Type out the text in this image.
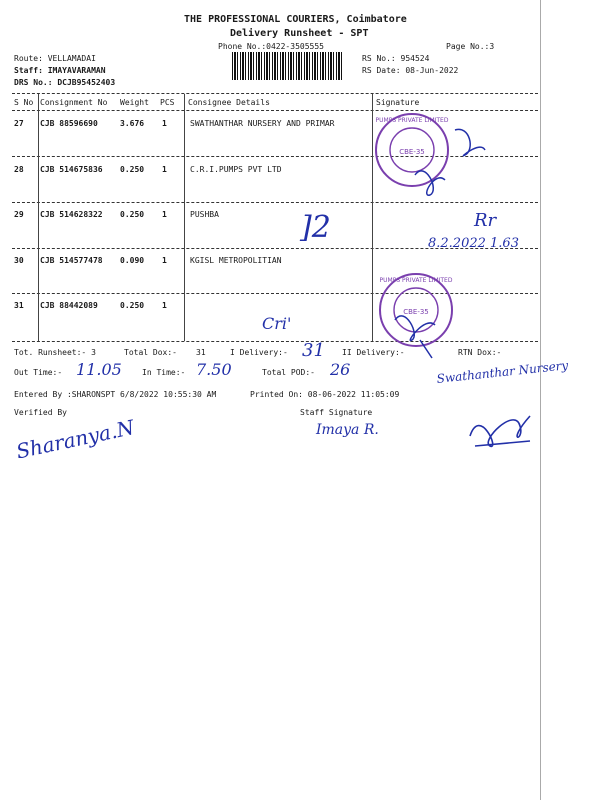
THE PROFESSIONAL COURIERS, Coimbatore
Delivery Runsheet - SPT
Phone No.:0422-3505555	Page No.:3
Route: VELLAMADAI
Staff: IMAYAVARAMAN
DRS No.: DCJB95452403
RS No.: 954524
RS Date: 08-Jun-2022
S No Consignment No Weight PCS Consignee Details	Signature
27 CJB 88596690	3.676 1	SWATHANTHAR NURSERY AND PRIMAR
28 CJB 514675836 0.250 1	C.R.I.PUMPS PVT LTD
29 CJB 514628322 0.250 1	PUSHBA
30 CJB 514577478 0.090 1	KGISL METROPOLITIAN
31 CJB 88442089	0.250 1
CBE-35
PUMPS PRIVATE LIMITED
CBE-35
PUMPS PRIVATE LIMITED
]2	Rr
8.2.2022 1.63
Cri'
Tot. Runsheet:- 3	Total Dox:- 31	I Delivery:- 31 II Delivery:-	RTN Dox:-
Out Time:- 11.05	In Time:- 7.50	Total POD:- 26
Entered By :SHARONSPT 6/8/2022 10:55:30 AM	Printed On: 08-06-2022 11:05:09
Verified By	Staff Signature
Imaya R.
Sharanya.N
Swathanthar Nursery
